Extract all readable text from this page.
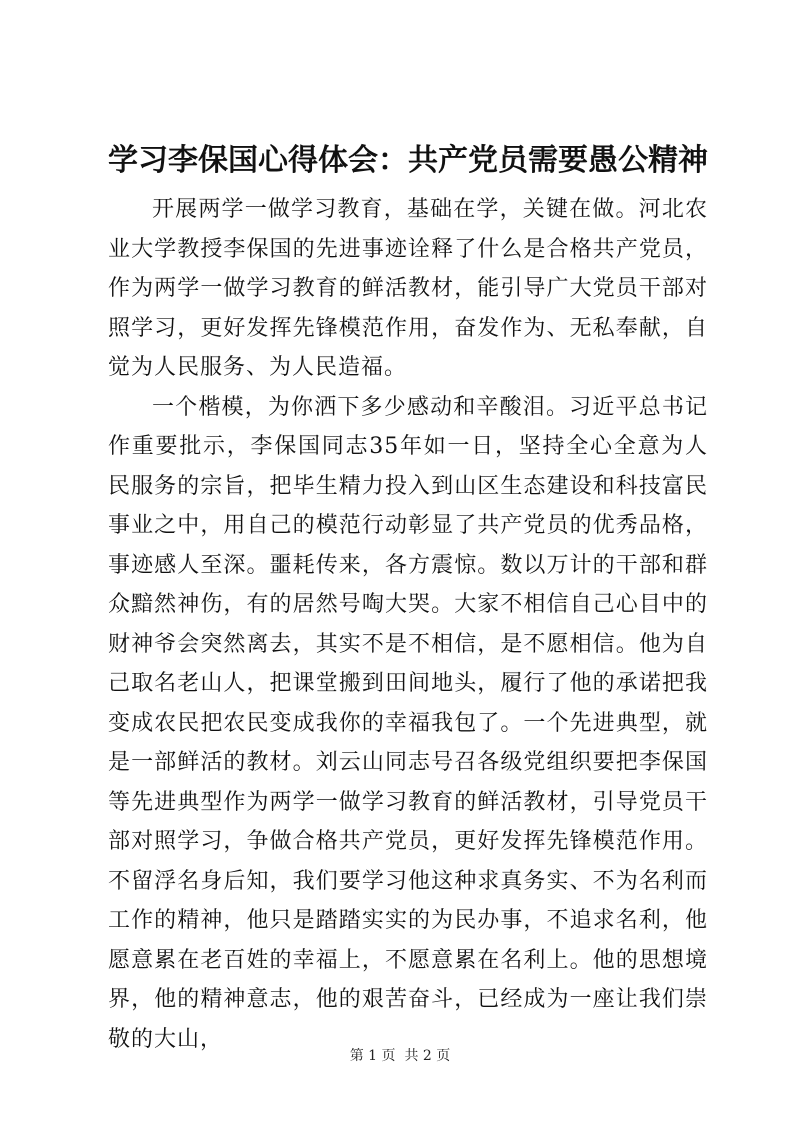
学习李保国心得体会：共产党员需要愚公精神

开展两学一做学习教育，基础在学，关键在做。河北农业大学教授李保国的先进事迹诠释了什么是合格共产党员，作为两学一做学习教育的鲜活教材，能引导广大党员干部对照学习，更好发挥先锋模范作用，奋发作为、无私奉献，自觉为人民服务、为人民造福。

一个楷模，为你洒下多少感动和辛酸泪。习近平总书记作重要批示，李保国同志35年如一日，坚持全心全意为人民服务的宗旨，把毕生精力投入到山区生态建设和科技富民事业之中，用自己的模范行动彰显了共产党员的优秀品格，事迹感人至深。噩耗传来，各方震惊。数以万计的干部和群众黯然神伤，有的居然号啕大哭。大家不相信自己心目中的财神爷会突然离去，其实不是不相信，是不愿相信。他为自己取名老山人，把课堂搬到田间地头，履行了他的承诺把我变成农民把农民变成我你的幸福我包了。一个先进典型，就是一部鲜活的教材。刘云山同志号召各级党组织要把李保国等先进典型作为两学一做学习教育的鲜活教材，引导党员干部对照学习，争做合格共产党员，更好发挥先锋模范作用。不留浮名身后知，我们要学习他这种求真务实、不为名利而工作的精神，他只是踏踏实实的为民办事，不追求名利，他愿意累在老百姓的幸福上，不愿意累在名利上。他的思想境界，他的精神意志，他的艰苦奋斗，已经成为一座让我们崇敬的大山，

第 1 页  共 2 页
